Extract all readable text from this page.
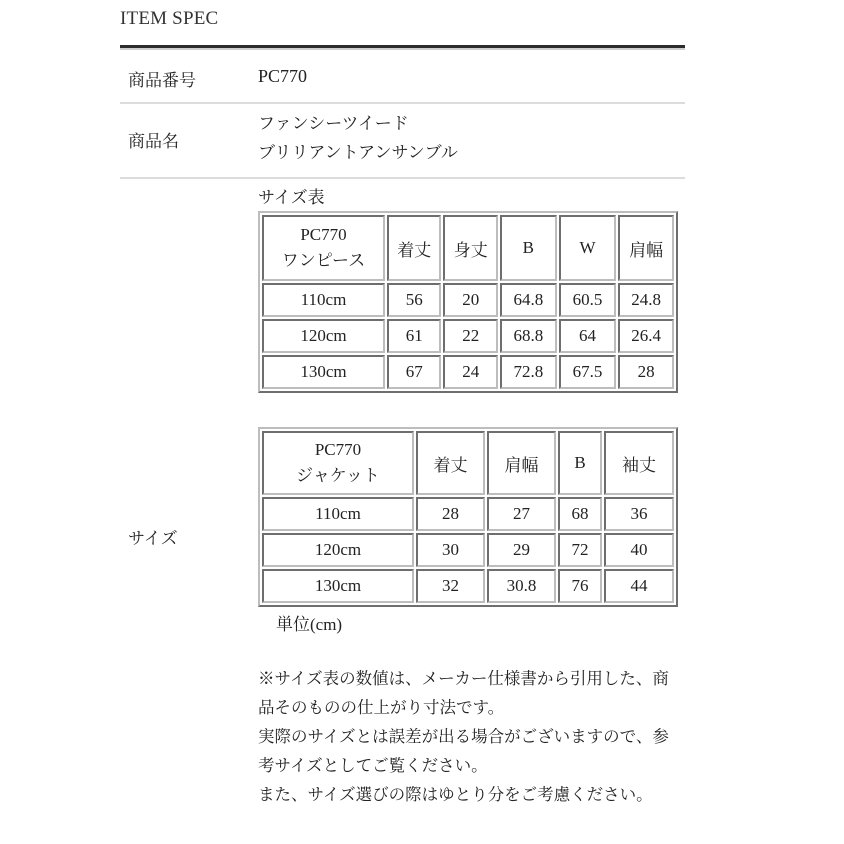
ITEM SPEC
商品番号	PC770
商品名
ファンシーツイード
ブリリアントアンサンブル
サイズ
サイズ表
PC770
ワンピース	着丈	身丈	B	W	肩幅
110cm	56	20	64.8	60.5	24.8
120cm	61	22	68.8	64	26.4
130cm	67	24	72.8	67.5	28
PC770
ジャケット	着丈	肩幅	B	袖丈
110cm	28	27	68	36
120cm	30	29	72	40
130cm	32	30.8	76	44
単位(cm)
※サイズ表の数値は、メーカー仕様書から引用した、商品そのものの仕上がり寸法です。
実際のサイズとは誤差が出る場合がございますので、参考サイズとしてご覧ください。
また、サイズ選びの際はゆとり分をご考慮ください。
